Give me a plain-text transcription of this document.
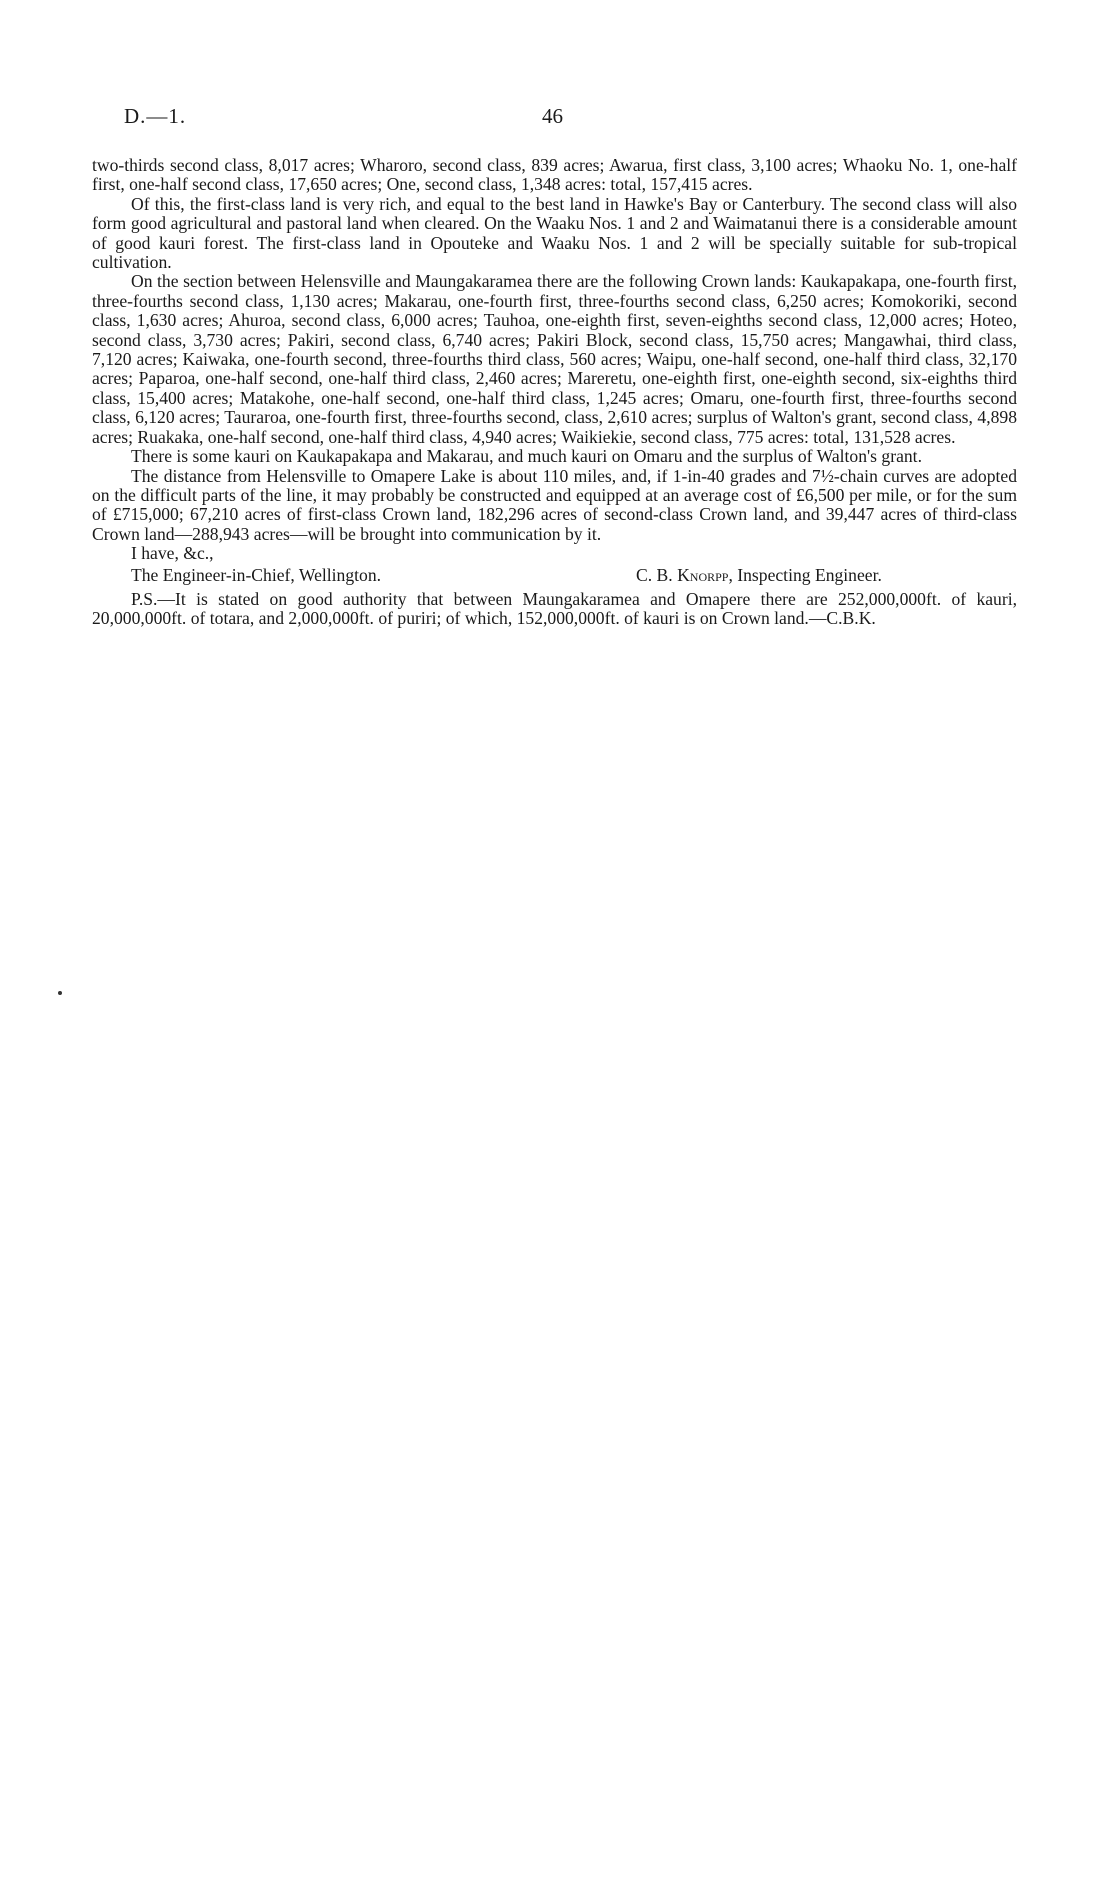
D.—1.	46

two-thirds second class, 8,017 acres; Wharoro, second class, 839 acres; Awarua, first class, 3,100 acres; Whaoku No. 1, one-half first, one-half second class, 17,650 acres; One, second class, 1,348 acres: total, 157,415 acres.

Of this, the first-class land is very rich, and equal to the best land in Hawke's Bay or Canterbury. The second class will also form good agricultural and pastoral land when cleared. On the Waaku Nos. 1 and 2 and Waimatanui there is a considerable amount of good kauri forest. The first-class land in Opouteke and Waaku Nos. 1 and 2 will be specially suitable for sub-tropical cultivation.

On the section between Helensville and Maungakaramea there are the following Crown lands: Kaukapakapa, one-fourth first, three-fourths second class, 1,130 acres; Makarau, one-fourth first, three-fourths second class, 6,250 acres; Komokoriki, second class, 1,630 acres; Ahuroa, second class, 6,000 acres; Tauhoa, one-eighth first, seven-eighths second class, 12,000 acres; Hoteo, second class, 3,730 acres; Pakiri, second class, 6,740 acres; Pakiri Block, second class, 15,750 acres; Mangawhai, third class, 7,120 acres; Kaiwaka, one-fourth second, three-fourths third class, 560 acres; Waipu, one-half second, one-half third class, 32,170 acres; Paparoa, one-half second, one-half third class, 2,460 acres; Mareretu, one-eighth first, one-eighth second, six-eighths third class, 15,400 acres; Matakohe, one-half second, one-half third class, 1,245 acres; Omaru, one-fourth first, three-fourths second class, 6,120 acres; Tauraroa, one-fourth first, three-fourths second, class, 2,610 acres; surplus of Walton's grant, second class, 4,898 acres; Ruakaka, one-half second, one-half third class, 4,940 acres; Waikiekie, second class, 775 acres: total, 131,528 acres.

There is some kauri on Kaukapakapa and Makarau, and much kauri on Omaru and the surplus of Walton's grant.

The distance from Helensville to Omapere Lake is about 110 miles, and, if 1-in-40 grades and 7½-chain curves are adopted on the difficult parts of the line, it may probably be constructed and equipped at an average cost of £6,500 per mile, or for the sum of £715,000; 67,210 acres of first-class Crown land, 182,296 acres of second-class Crown land, and 39,447 acres of third-class Crown land—288,943 acres—will be brought into communication by it.

I have, &c.,

The Engineer-in-Chief, Wellington.	C. B. Knorpp, Inspecting Engineer.

P.S.—It is stated on good authority that between Maungakaramea and Omapere there are 252,000,000ft. of kauri, 20,000,000ft. of totara, and 2,000,000ft. of puriri; of which, 152,000,000ft. of kauri is on Crown land.—C.B.K.
